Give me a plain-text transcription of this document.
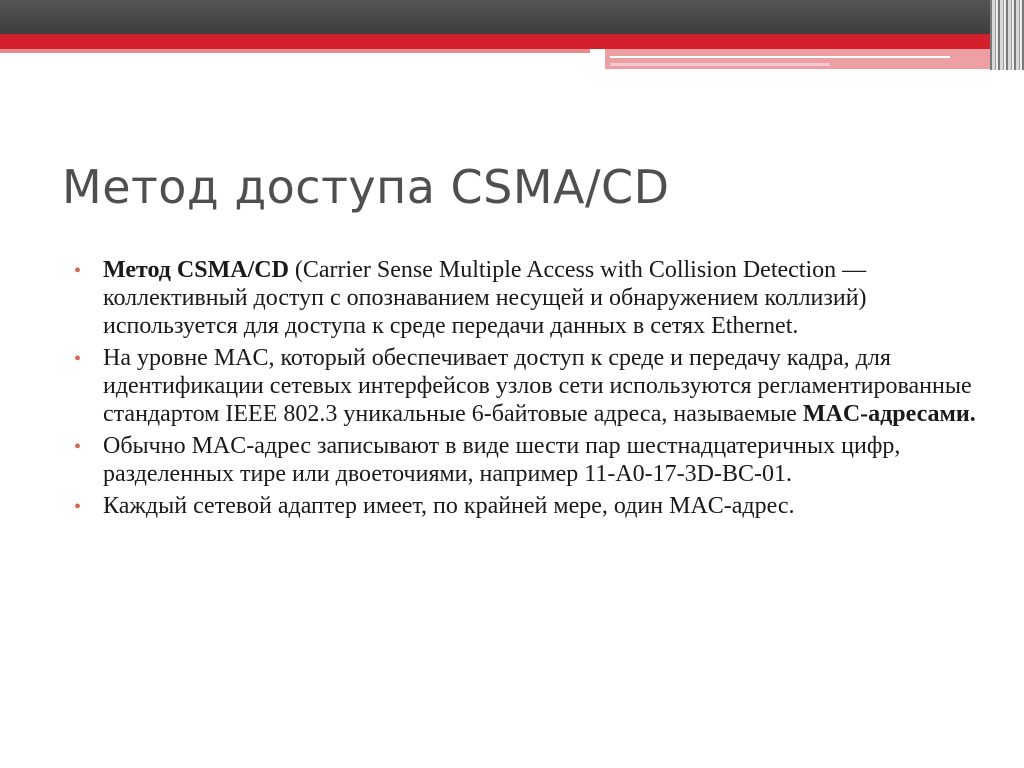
Метод доступа CSMA/CD
• Метод CSMA/CD (Carrier Sense Multiple Access with Collision Detection — коллективный доступ с опознаванием несущей и обнаружением коллизий) используется для доступа к среде передачи данных в сетях Ethernet.
• На уровне MAC, который обеспечивает доступ к среде и передачу кадра, для идентификации сетевых интерфейсов узлов сети используются регламентированные стандартом IEEE 802.3 уникальные 6-байтовые адреса, называемые MAC-адресами.
• Обычно MAC-адрес записывают в виде шести пар шестнадцатеричных цифр, разделенных тире или двоеточиями, например 11-A0-17-3D-BC-01.
• Каждый сетевой адаптер имеет, по крайней мере, один MAC-адрес.
